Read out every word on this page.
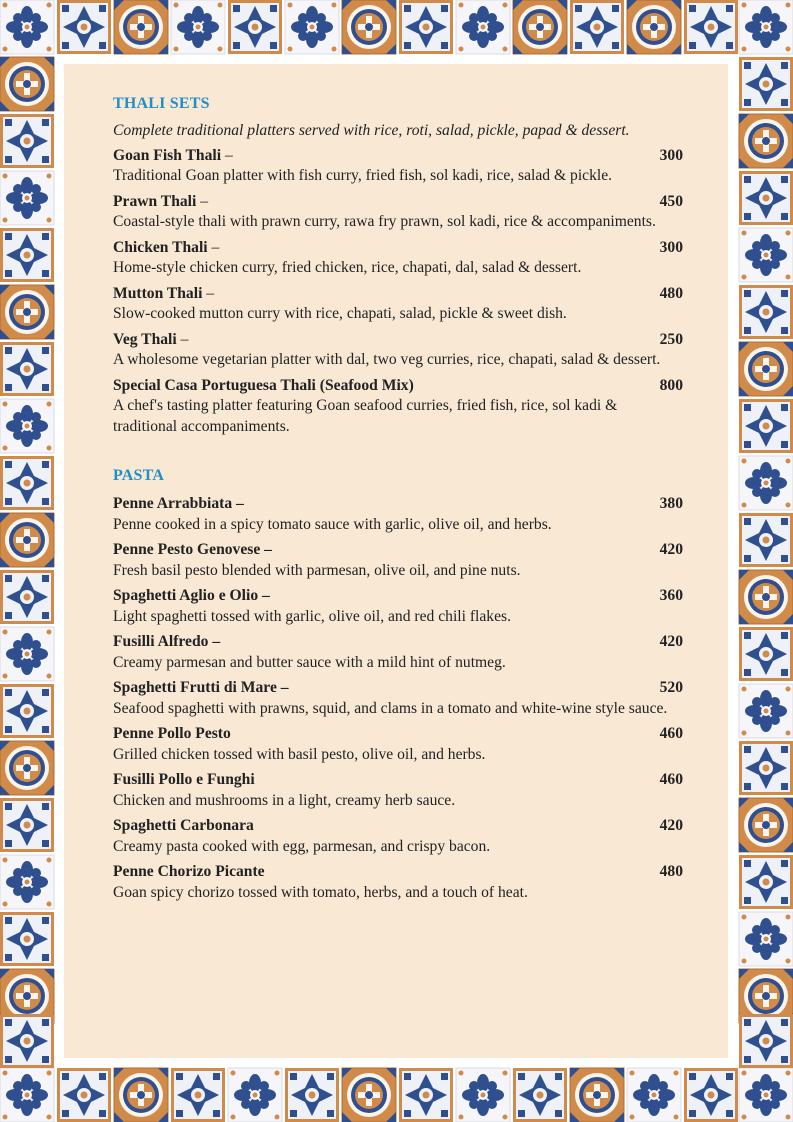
THALI SETS
Complete traditional platters served with rice, roti, salad, pickle, papad & dessert.
Goan Fish Thali –	300
Traditional Goan platter with fish curry, fried fish, sol kadi, rice, salad & pickle.
Prawn Thali –	450
Coastal-style thali with prawn curry, rawa fry prawn, sol kadi, rice & accompaniments.
Chicken Thali –	300
Home-style chicken curry, fried chicken, rice, chapati, dal, salad & dessert.
Mutton Thali –	480
Slow-cooked mutton curry with rice, chapati, salad, pickle & sweet dish.
Veg Thali –	250
A wholesome vegetarian platter with dal, two veg curries, rice, chapati, salad & dessert.
Special Casa Portuguesa Thali (Seafood Mix)	800
A chef's tasting platter featuring Goan seafood curries, fried fish, rice, sol kadi & traditional accompaniments.
PASTA
Penne Arrabbiata –	380
Penne cooked in a spicy tomato sauce with garlic, olive oil, and herbs.
Penne Pesto Genovese –	420
Fresh basil pesto blended with parmesan, olive oil, and pine nuts.
Spaghetti Aglio e Olio –	360
Light spaghetti tossed with garlic, olive oil, and red chili flakes.
Fusilli Alfredo –	420
Creamy parmesan and butter sauce with a mild hint of nutmeg.
Spaghetti Frutti di Mare –	520
Seafood spaghetti with prawns, squid, and clams in a tomato and white-wine style sauce.
Penne Pollo Pesto	460
Grilled chicken tossed with basil pesto, olive oil, and herbs.
Fusilli Pollo e Funghi	460
Chicken and mushrooms in a light, creamy herb sauce.
Spaghetti Carbonara	420
Creamy pasta cooked with egg, parmesan, and crispy bacon.
Penne Chorizo Picante	480
Goan spicy chorizo tossed with tomato, herbs, and a touch of heat.
